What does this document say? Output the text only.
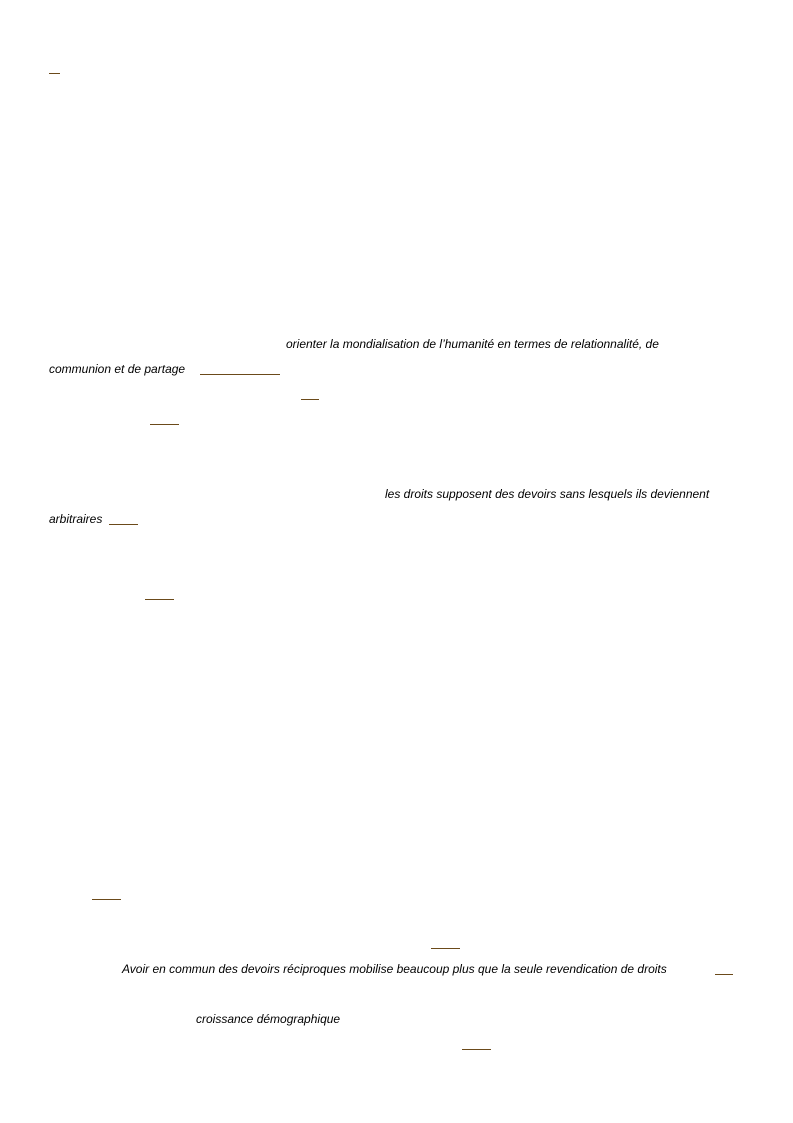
orienter la mondialisation de l’humanité en termes de relationnalité, de
communion et de partage
les droits supposent des devoirs sans lesquels ils deviennent
arbitraires
Avoir en commun des devoirs réciproques mobilise beaucoup plus que la seule revendication de droits
croissance démographique
